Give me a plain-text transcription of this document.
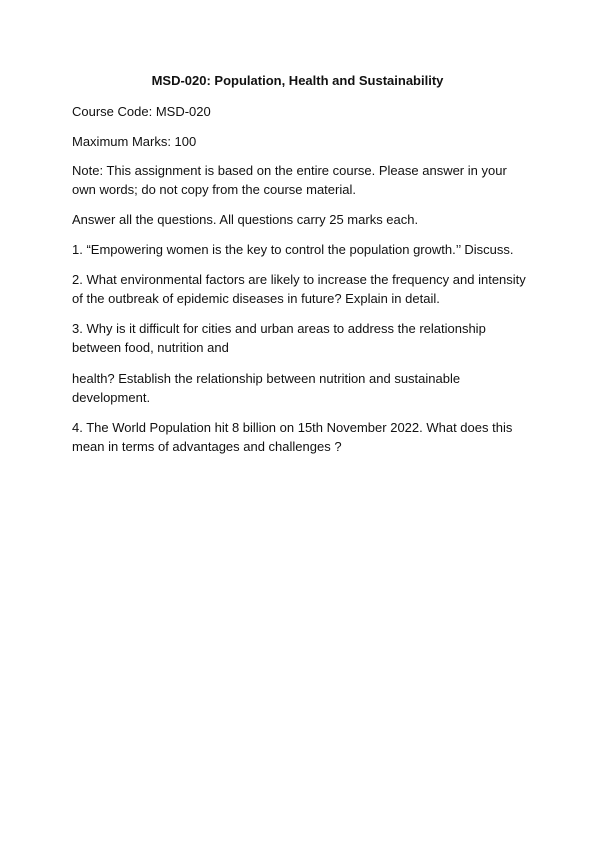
MSD-020: Population, Health and Sustainability

Course Code: MSD-020

Maximum Marks: 100

Note: This assignment is based on the entire course. Please answer in your own words; do not copy from the course material.

Answer all the questions. All questions carry 25 marks each.

1. “Empowering women is the key to control the population growth.’’ Discuss.

2. What environmental factors are likely to increase the frequency and intensity of the outbreak of epidemic diseases in future? Explain in detail.

3. Why is it difficult for cities and urban areas to address the relationship between food, nutrition and

health? Establish the relationship between nutrition and sustainable development.

4. The World Population hit 8 billion on 15th November 2022. What does this mean in terms of advantages and challenges ?
